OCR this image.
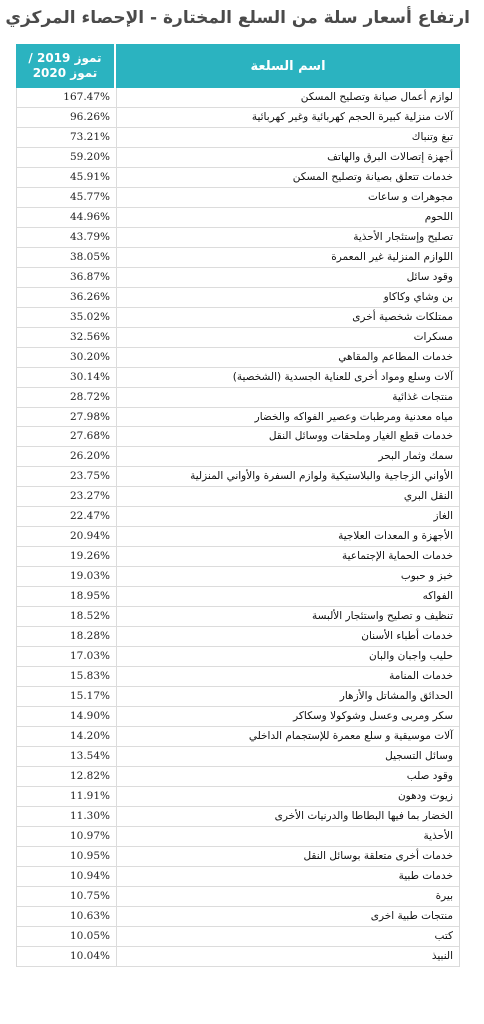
ارتفاع أسعار سلة من السلع المختارة - الإحصاء المركزي
تموز 2019 / تموز 2020	اسم السلعة
167.47%	لوازم أعمال صيانة وتصليح المسكن
96.26%	آلات منزلية كبيرة الحجم كهربائية وغير كهربائية
73.21%	تبغ وتنباك
59.20%	أجهزة إتصالات البرق والهاتف
45.91%	خدمات تتعلق بصيانة وتصليح المسكن
45.77%	مجوهرات و ساعات
44.96%	اللحوم
43.79%	تصليح وإستئجار الأحذية
38.05%	اللوازم المنزلية غير المعمرة
36.87%	وقود سائل
36.26%	بن وشاي وكاكاو
35.02%	ممتلكات شخصية أخرى
32.56%	مسكرات
30.20%	خدمات المطاعم والمقاهي
30.14%	آلات وسلع ومواد أخرى للعناية الجسدية (الشخصية)
28.72%	منتجات غذائية
27.98%	مياه معدنية ومرطبات وعصير الفواكه والخضار
27.68%	خدمات قطع الغيار وملحقات ووسائل النقل
26.20%	سمك وثمار البحر
23.75%	الأواني الزجاجية والبلاستيكية ولوازم السفرة والأواني المنزلية
23.27%	النقل البري
22.47%	الغاز
20.94%	الأجهزة و المعدات العلاجية
19.26%	خدمات الحماية الإجتماعية
19.03%	خبز و حبوب
18.95%	الفواكه
18.52%	تنظيف و تصليح واستئجار الألبسة
18.28%	خدمات أطباء الأسنان
17.03%	حليب واجبان والبان
15.83%	خدمات المنامة
15.17%	الحدائق والمشاتل والأزهار
14.90%	سكر ومربى وعسل وشوكولا وسكاكر
14.20%	آلات موسيقية و سلع معمرة للإستجمام الداخلي
13.54%	وسائل التسجيل
12.82%	وقود صلب
11.91%	زيوت ودهون
11.30%	الخضار بما فيها البطاطا والدرنيات الأخرى
10.97%	الأحذية
10.95%	خدمات أخرى متعلقة بوسائل النقل
10.94%	خدمات طبية
10.75%	بيرة
10.63%	منتجات طبية اخرى
10.05%	كتب
10.04%	النبيذ
